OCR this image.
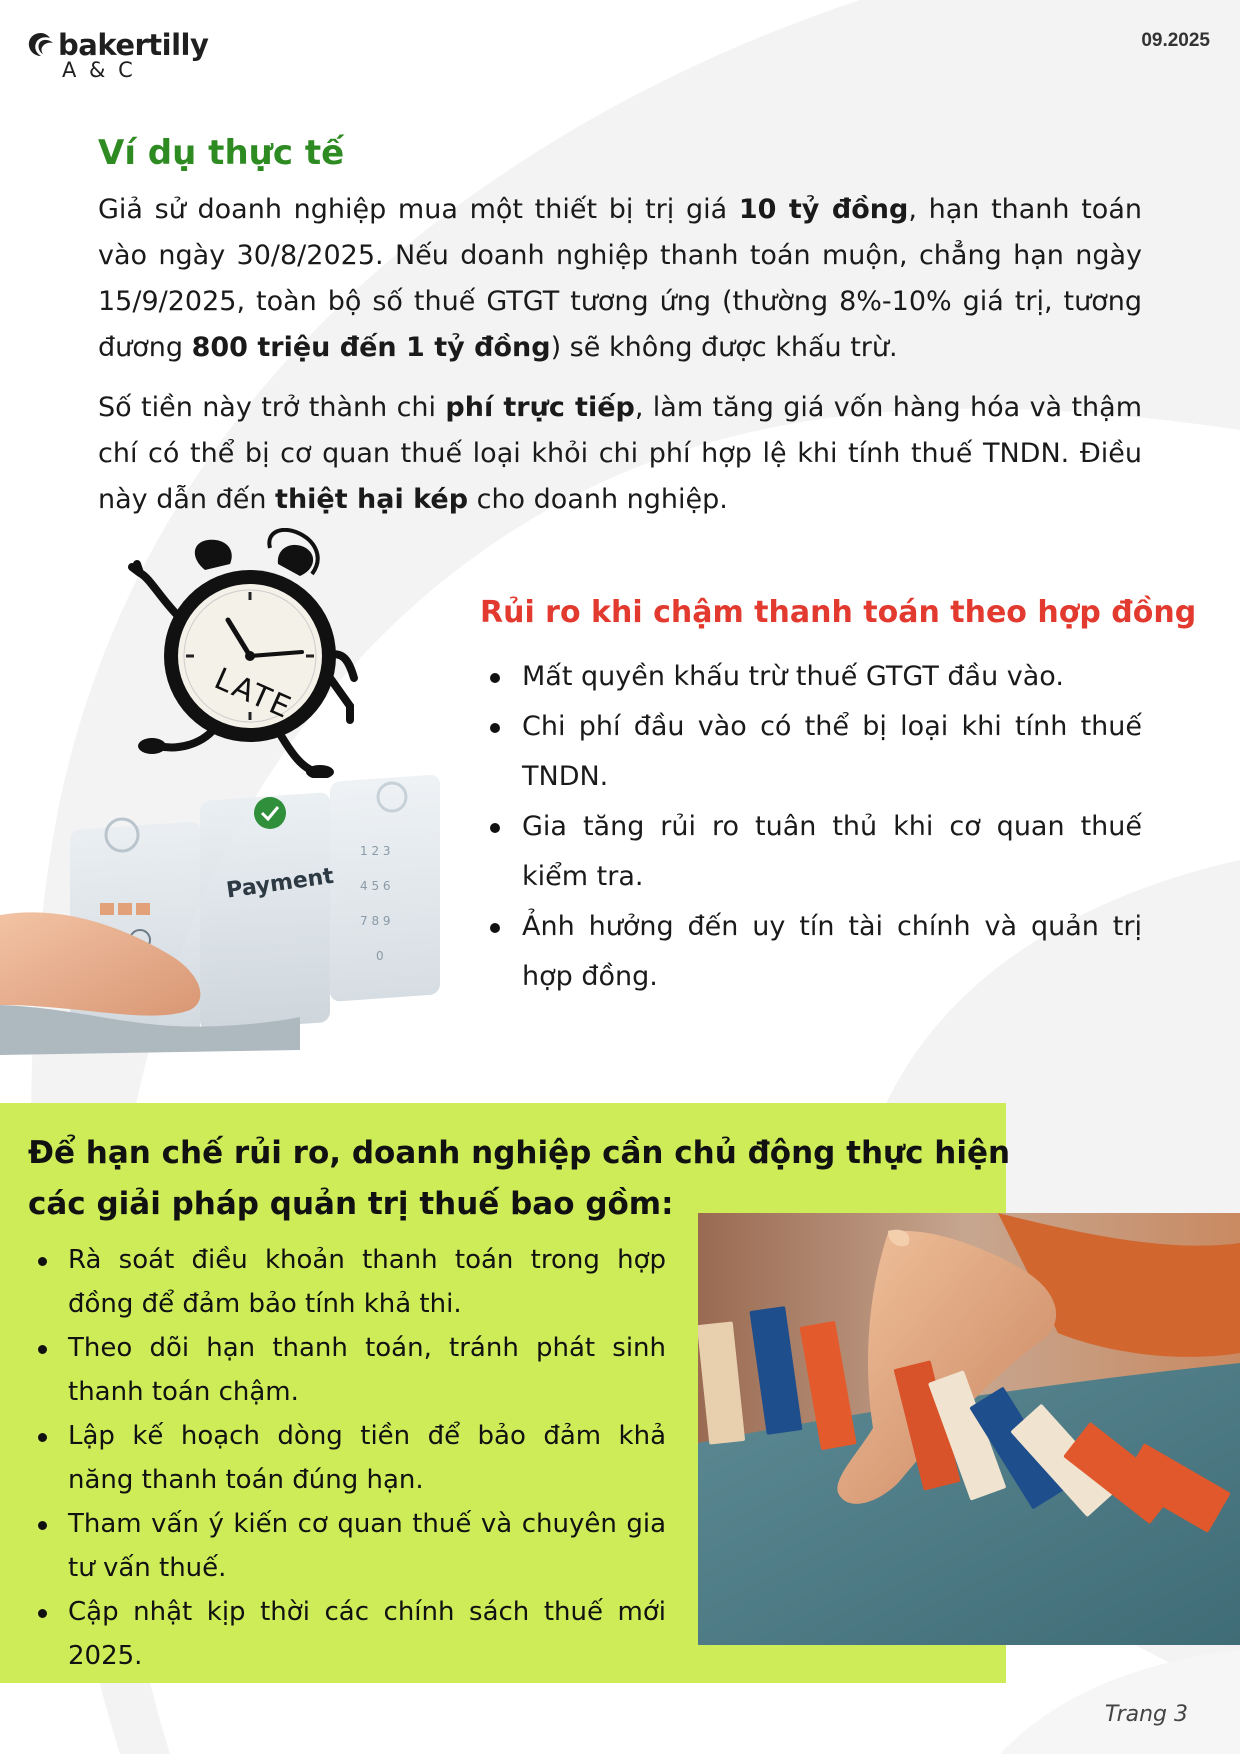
bakertilly
A & C
09.2025
Ví dụ thực tế

Giả sử doanh nghiệp mua một thiết bị trị giá 10 tỷ đồng, hạn thanh toán vào ngày 30/8/2025. Nếu doanh nghiệp thanh toán muộn, chẳng hạn ngày 15/9/2025, toàn bộ số thuế GTGT tương ứng (thường 8%-10% giá trị, tương đương 800 triệu đến 1 tỷ đồng) sẽ không được khấu trừ.

Số tiền này trở thành chi phí trực tiếp, làm tăng giá vốn hàng hóa và thậm chí có thể bị cơ quan thuế loại khỏi chi phí hợp lệ khi tính thuế TNDN. Điều này dẫn đến thiệt hại kép cho doanh nghiệp.

LATE
Payment
1 2 3
4 5 6
7 8 9
0
Rủi ro khi chậm thanh toán theo hợp đồng
Mất quyền khấu trừ thuế GTGT đầu vào.
Chi phí đầu vào có thể bị loại khi tính thuế TNDN.
Gia tăng rủi ro tuân thủ khi cơ quan thuế kiểm tra.
Ảnh hưởng đến uy tín tài chính và quản trị hợp đồng.
Để hạn chế rủi ro, doanh nghiệp cần chủ động thực hiện các giải pháp quản trị thuế bao gồm:
Rà soát điều khoản thanh toán trong hợp đồng để đảm bảo tính khả thi.
Theo dõi hạn thanh toán, tránh phát sinh thanh toán chậm.
Lập kế hoạch dòng tiền để bảo đảm khả năng thanh toán đúng hạn.
Tham vấn ý kiến cơ quan thuế và chuyên gia tư vấn thuế.
Cập nhật kịp thời các chính sách thuế mới 2025.
Trang 3
